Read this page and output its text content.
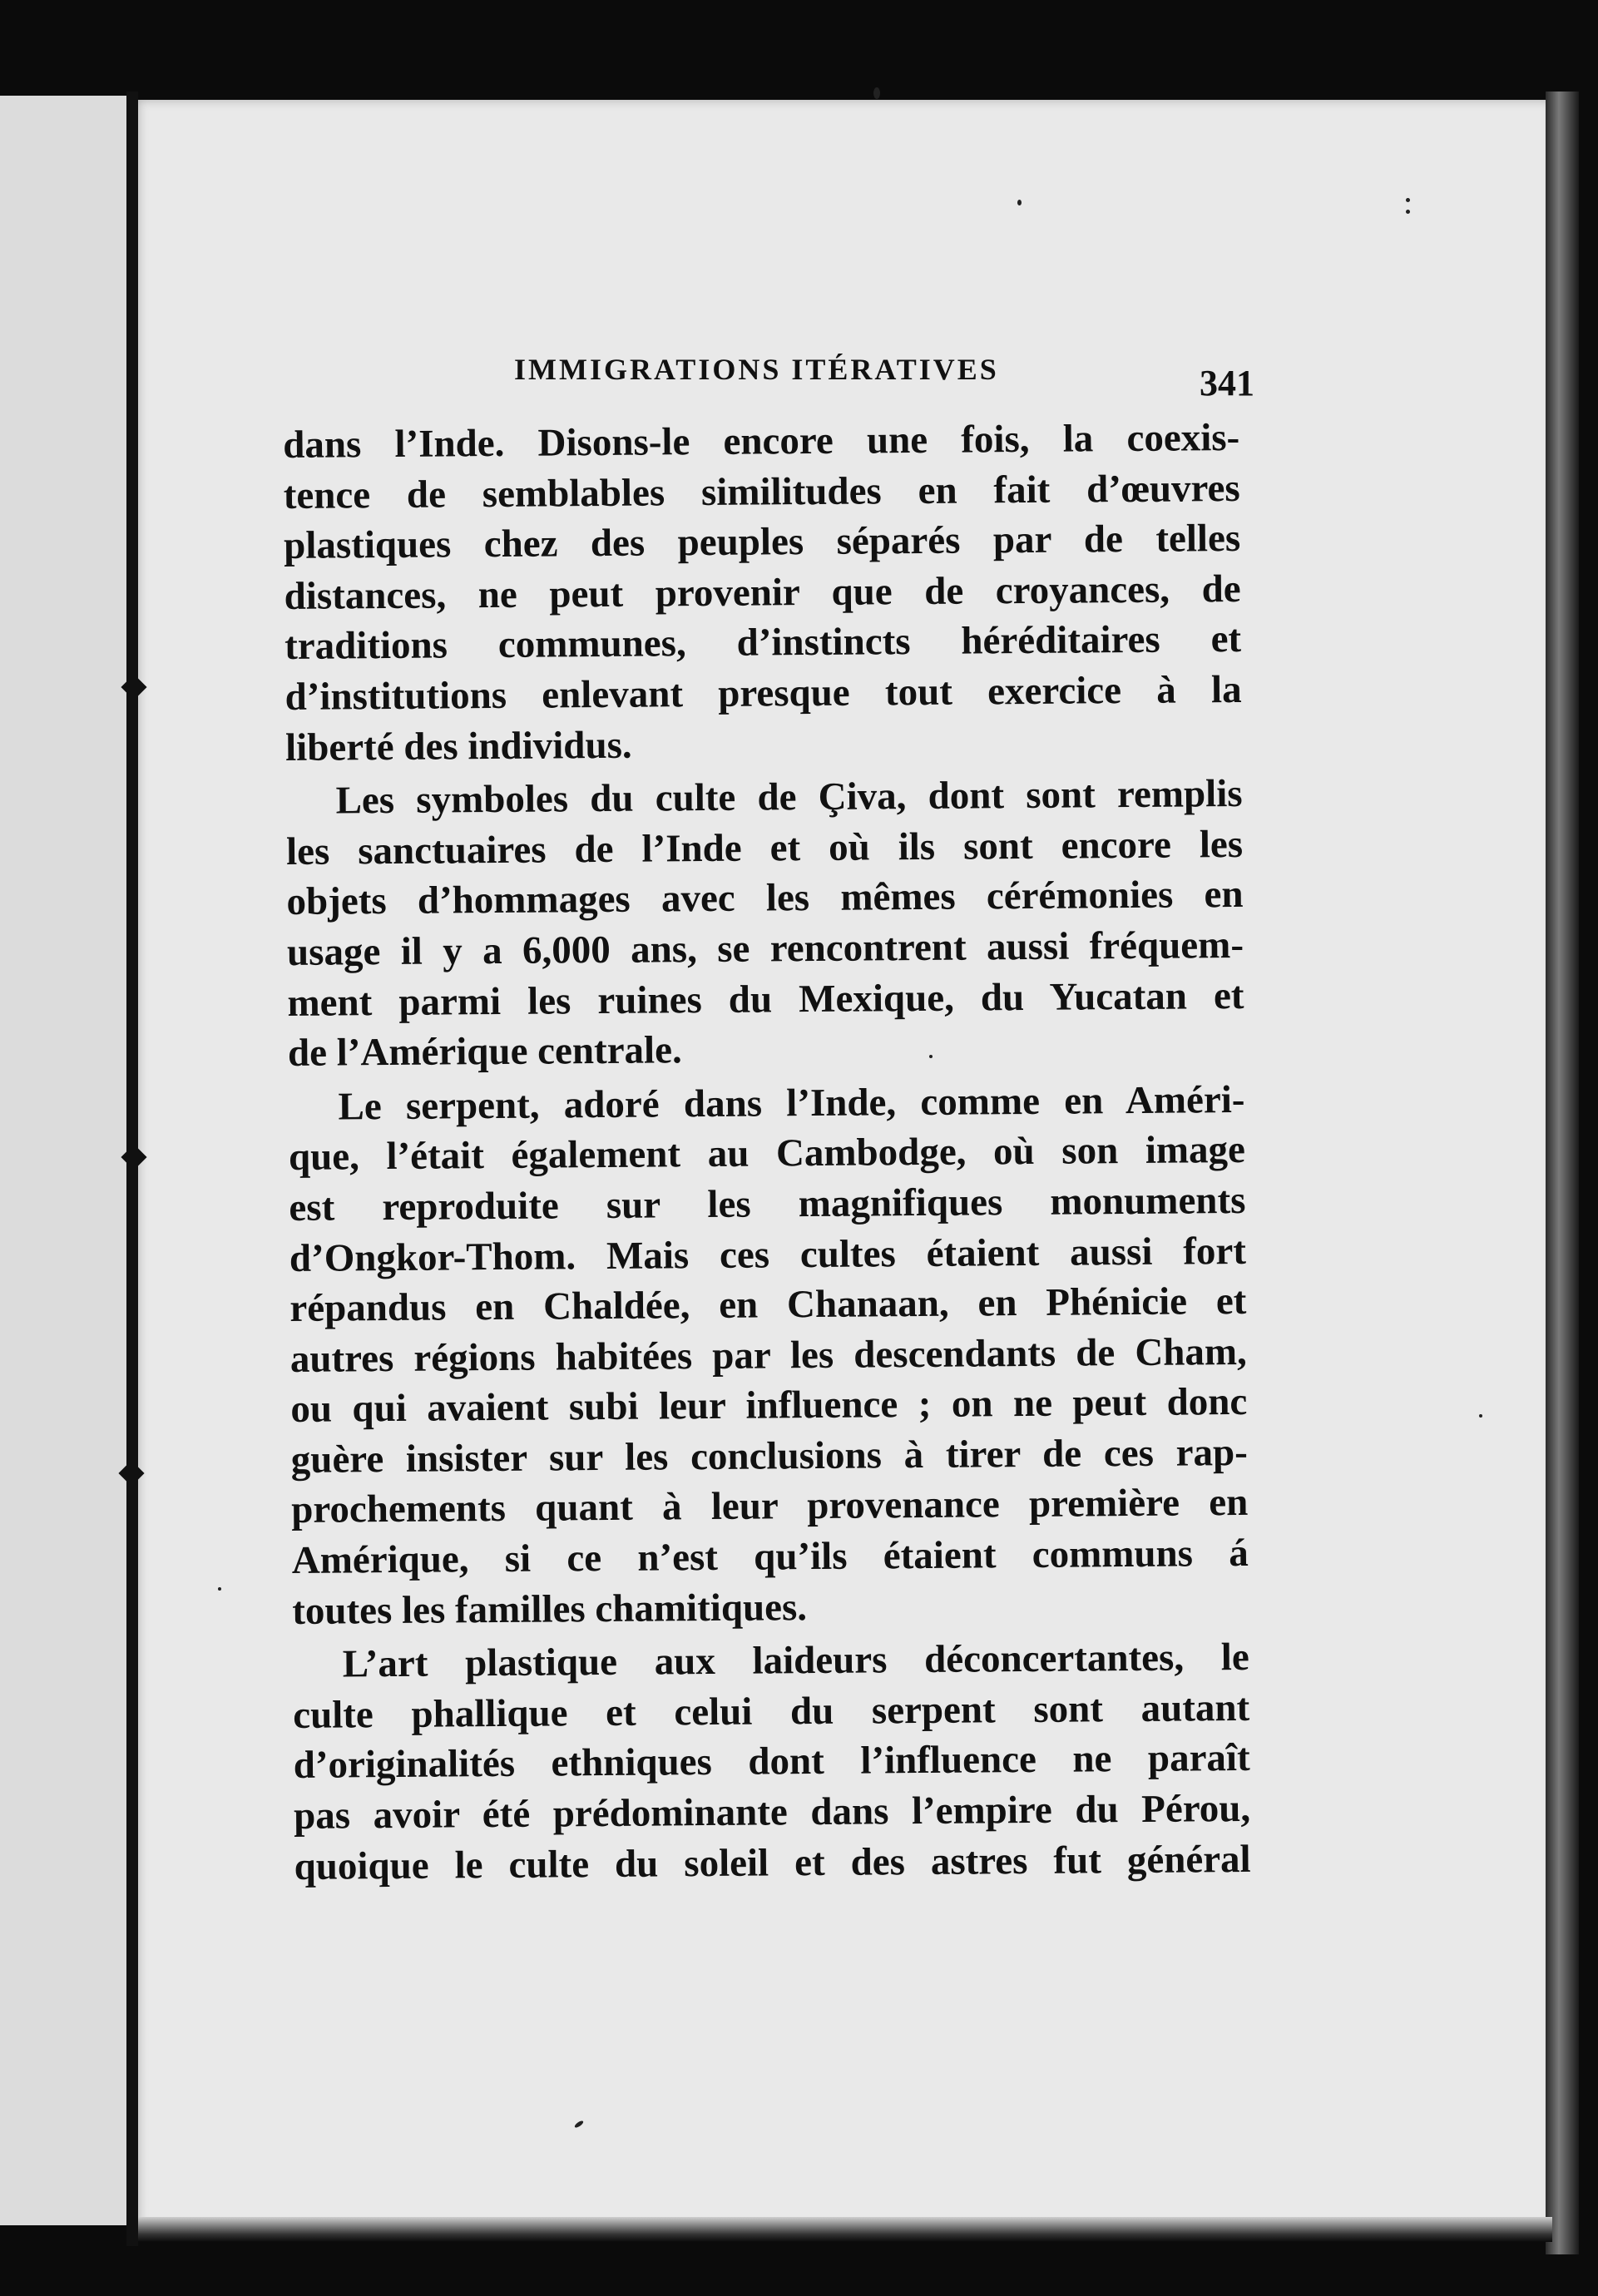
IMMIGRATIONS ITÉRATIVES	341
dans l’Inde. Disons-le encore une fois, la coexis-
tence de semblables similitudes en fait d’œuvres
plastiques chez des peuples séparés par de telles
distances, ne peut provenir que de croyances, de
traditions communes, d’instincts héréditaires et
d’institutions enlevant presque tout exercice à la
liberté des individus.
Les symboles du culte de Çiva, dont sont remplis
les sanctuaires de l’Inde et où ils sont encore les
objets d’hommages avec les mêmes cérémonies en
usage il y a 6,000 ans, se rencontrent aussi fréquem-
ment parmi les ruines du Mexique, du Yucatan et
de l’Amérique centrale.
Le serpent, adoré dans l’Inde, comme en Améri-
que, l’était également au Cambodge, où son image
est reproduite sur les magnifiques monuments
d’Ongkor-Thom. Mais ces cultes étaient aussi fort
répandus en Chaldée, en Chanaan, en Phénicie et
autres régions habitées par les descendants de Cham,
ou qui avaient subi leur influence ; on ne peut donc
guère insister sur les conclusions à tirer de ces rap-
prochements quant à leur provenance première en
Amérique, si ce n’est qu’ils étaient communs á
toutes les familles chamitiques.
L’art plastique aux laideurs déconcertantes, le
culte phallique et celui du serpent sont autant
d’originalités ethniques dont l’influence ne paraît
pas avoir été prédominante dans l’empire du Pérou,
quoique le culte du soleil et des astres fut général
